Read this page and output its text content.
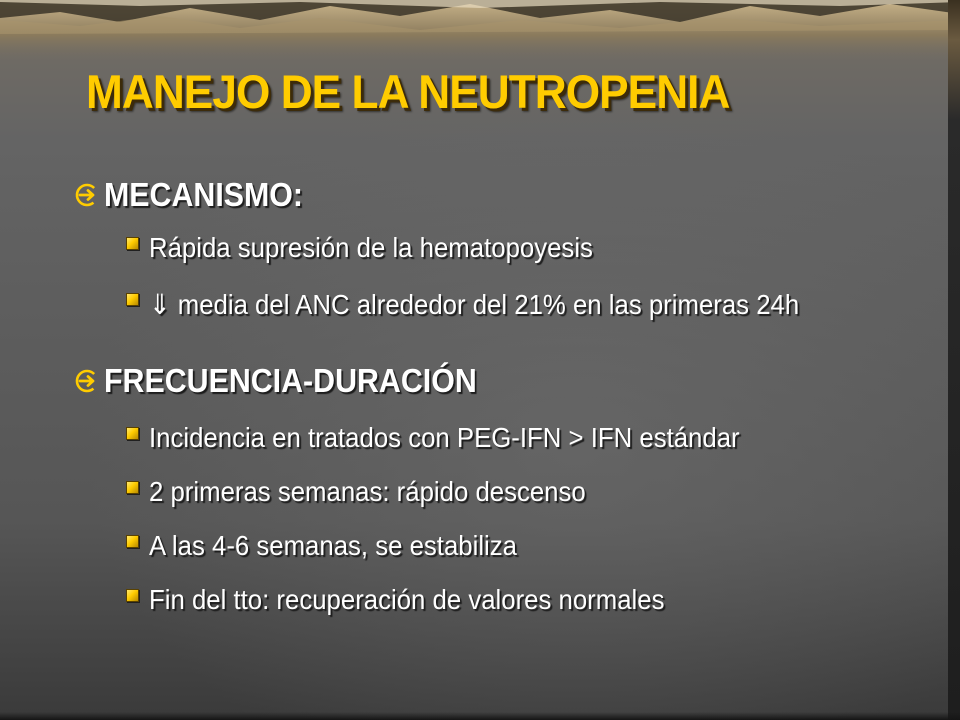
MANEJO DE LA NEUTROPENIA
MECANISMO:
Rápida supresión de la hematopoyesis
⇓ media del ANC alrededor del 21% en las primeras 24h
FRECUENCIA-DURACIÓN
Incidencia en tratados con PEG-IFN > IFN estándar
2 primeras semanas: rápido descenso
A las 4-6 semanas, se estabiliza
Fin del tto: recuperación de valores normales
